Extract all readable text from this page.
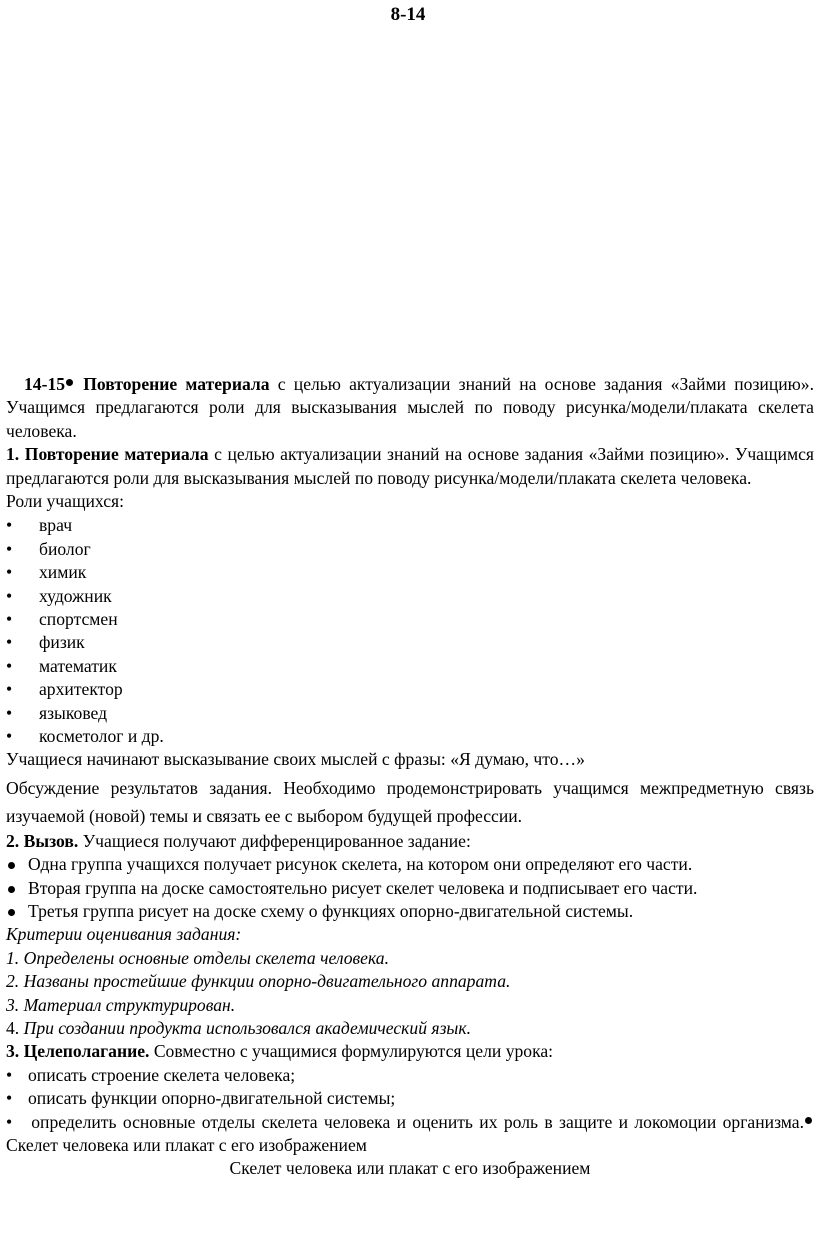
8-14

14-15 Повторение материала с целью актуализации знаний на основе задания «Займи позицию». Учащимся предлагаются роли для высказывания мыслей по поводу рисунка/модели/плаката скелета человека.

1. Повторение материала с целью актуализации знаний на основе задания «Займи позицию». Учащимся предлагаются роли для высказывания мыслей по поводу рисунка/модели/плаката скелета человека.

Роли учащихся:

• врач
• биолог
• химик
• художник
• спортсмен
• физик
• математик
• архитектор
• языковед
• косметолог и др.

Учащиеся начинают высказывание своих мыслей с фразы: «Я думаю, что…»

Обсуждение результатов задания. Необходимо продемонстрировать учащимся межпредметную связь изучаемой (новой) темы и связать ее с выбором будущей профессии.

2. Вызов. Учащиеся получают дифференцированное задание:

Одна группа учащихся получает рисунок скелета, на котором они определяют его части.
Вторая группа на доске самостоятельно рисует скелет человека и подписывает его части.
Третья группа рисует на доске схему о функциях опорно-двигательной системы.

Критерии оценивания задания:

1. Определены основные отделы скелета человека.
2. Названы простейшие функции опорно-двигательного аппарата.
3. Материал структурирован.
4. При создании продукта использовался академический язык.

3. Целеполагание. Совместно с учащимися формулируются цели урока:

• описать строение скелета человека;
• описать функции опорно-двигательной системы;

•   определить основные отделы скелета человека и оценить их роль в защите и локомоции организма. Скелет человека или плакат с его изображением

Скелет человека или плакат с его изображением
